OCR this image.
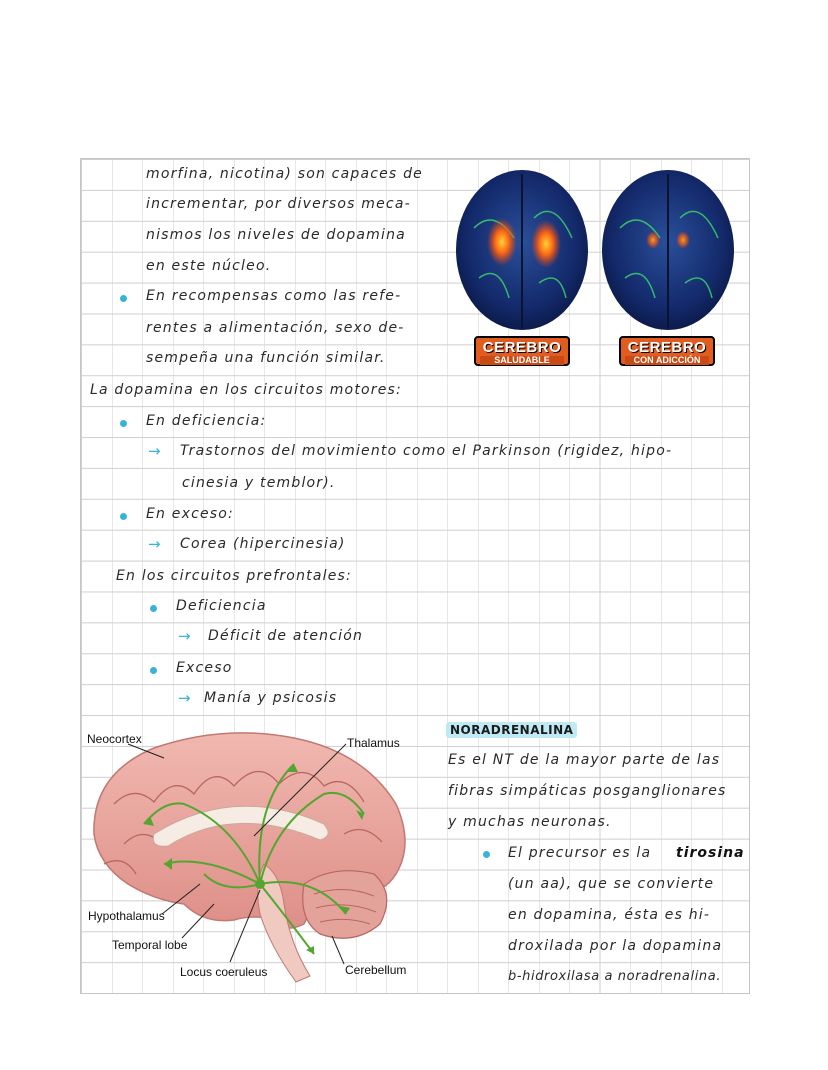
morfina, nicotina) son capaces de
incrementar, por diversos meca-
nismos los niveles de dopamina
en este núcleo.
En recompensas como las refe-
rentes a alimentación, sexo de-
sempeña una función similar.
La dopamina en los circuitos motores:
En deficiencia:
→ Trastornos del movimiento como el Parkinson (rigidez, hipo-
cinesia y temblor).
En exceso:
→ Corea (hipercinesia)
En los circuitos prefrontales:
Deficiencia
→ Déficit de atención
Exceso
→ Manía y psicosis
CEREBRO
SALUDABLE
CEREBRO
CON ADICCIÓN
Neocortex	Thalamus
Hypothalamus
Temporal lobe
Locus coeruleus	Cerebellum
NORADRENALINA
Es el NT de la mayor parte de las
fibras simpáticas posganglionares
y muchas neuronas.
El precursor es la tirosina
(un aa), que se convierte
en dopamina, ésta es hi-
droxilada por la dopamina
b-hidroxilasa a noradrenalina.
